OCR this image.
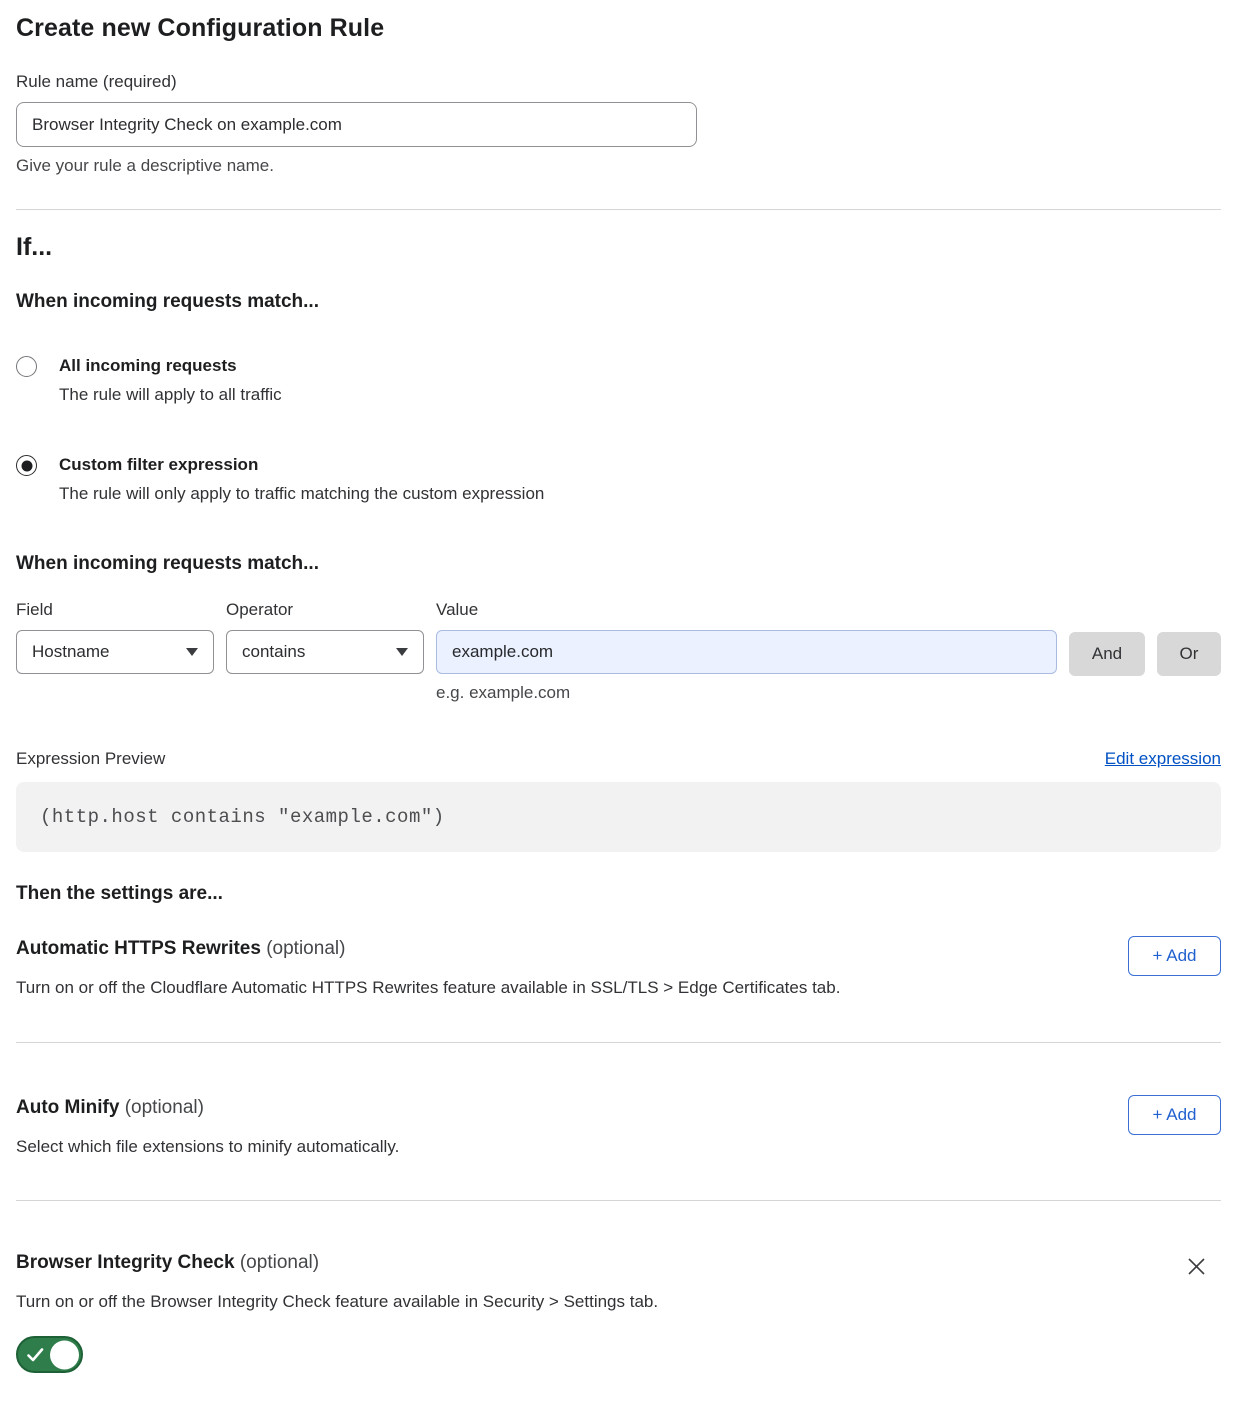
Create new Configuration Rule
Rule name (required)
Browser Integrity Check on example.com
Give your rule a descriptive name.
If...
When incoming requests match...
All incoming requests
The rule will apply to all traffic
Custom filter expression
The rule will only apply to traffic matching the custom expression
When incoming requests match...
Field
Hostname
Operator
contains
Value
example.com
e.g. example.com
And	Or
Expression Preview	Edit expression
(http.host contains "example.com")
Then the settings are...
Automatic HTTPS Rewrites (optional)
Turn on or off the Cloudflare Automatic HTTPS Rewrites feature available in SSL/TLS > Edge Certificates tab.
+ Add
Auto Minify (optional)
Select which file extensions to minify automatically.
+ Add
Browser Integrity Check (optional)
Turn on or off the Browser Integrity Check feature available in Security > Settings tab.
